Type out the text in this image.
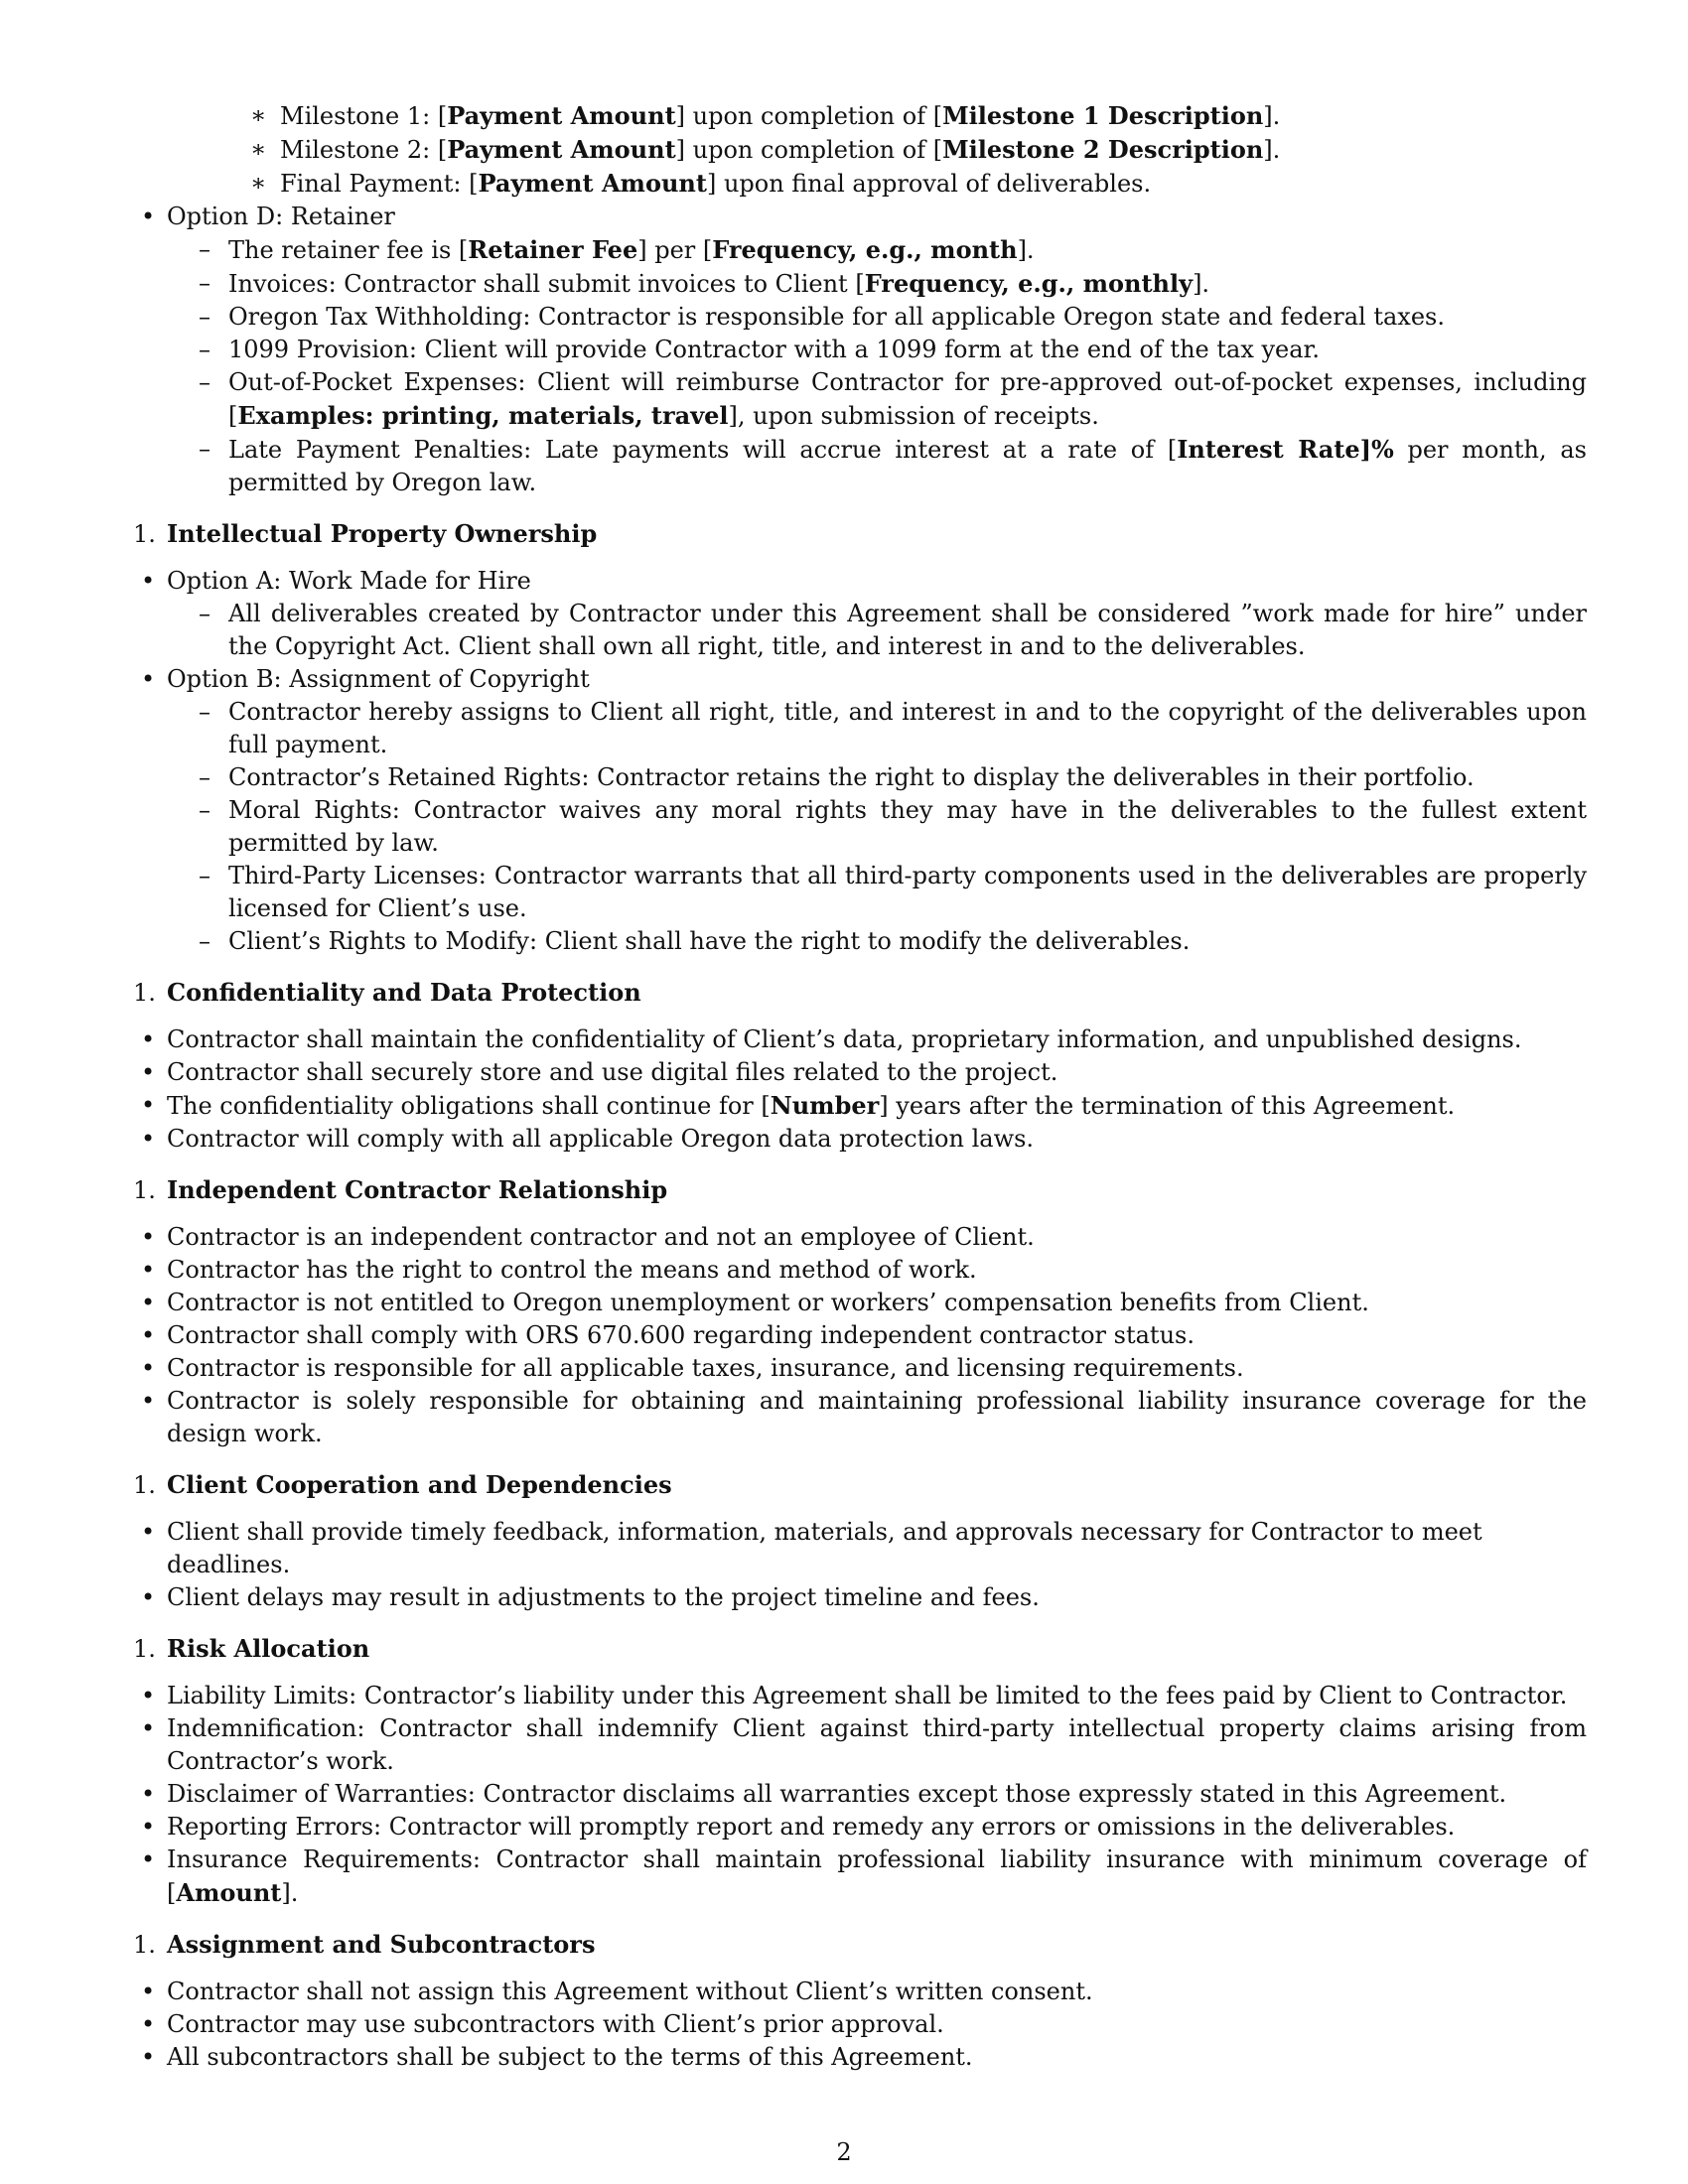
∗ Milestone 1: [Payment Amount] upon completion of [Milestone 1 Description].
∗ Milestone 2: [Payment Amount] upon completion of [Milestone 2 Description].
∗ Final Payment: [Payment Amount] upon final approval of deliverables.
• Option D: Retainer
– The retainer fee is [Retainer Fee] per [Frequency, e.g., month].
– Invoices: Contractor shall submit invoices to Client [Frequency, e.g., monthly].
– Oregon Tax Withholding: Contractor is responsible for all applicable Oregon state and federal taxes.
– 1099 Provision: Client will provide Contractor with a 1099 form at the end of the tax year.
– Out-of-Pocket Expenses: Client will reimburse Contractor for pre-approved out-of-pocket expenses, including [Examples: printing, materials, travel], upon submission of receipts.
– Late Payment Penalties: Late payments will accrue interest at a rate of [Interest Rate]% per month, as permitted by Oregon law.
1. Intellectual Property Ownership
• Option A: Work Made for Hire
– All deliverables created by Contractor under this Agreement shall be considered ”work made for hire” under the Copyright Act. Client shall own all right, title, and interest in and to the deliverables.
• Option B: Assignment of Copyright
– Contractor hereby assigns to Client all right, title, and interest in and to the copyright of the deliverables upon full payment.
– Contractor’s Retained Rights: Contractor retains the right to display the deliverables in their portfolio.
– Moral Rights: Contractor waives any moral rights they may have in the deliverables to the fullest extent permitted by law.
– Third-Party Licenses: Contractor warrants that all third-party components used in the deliverables are properly licensed for Client’s use.
– Client’s Rights to Modify: Client shall have the right to modify the deliverables.
1. Confidentiality and Data Protection
• Contractor shall maintain the confidentiality of Client’s data, proprietary information, and unpublished designs.
• Contractor shall securely store and use digital files related to the project.
• The confidentiality obligations shall continue for [Number] years after the termination of this Agreement.
• Contractor will comply with all applicable Oregon data protection laws.
1. Independent Contractor Relationship
• Contractor is an independent contractor and not an employee of Client.
• Contractor has the right to control the means and method of work.
• Contractor is not entitled to Oregon unemployment or workers’ compensation benefits from Client.
• Contractor shall comply with ORS 670.600 regarding independent contractor status.
• Contractor is responsible for all applicable taxes, insurance, and licensing requirements.
• Contractor is solely responsible for obtaining and maintaining professional liability insurance coverage for the design work.
1. Client Cooperation and Dependencies
• Client shall provide timely feedback, information, materials, and approvals necessary for Contractor to meet deadlines.
• Client delays may result in adjustments to the project timeline and fees.
1. Risk Allocation
• Liability Limits: Contractor’s liability under this Agreement shall be limited to the fees paid by Client to Contractor.
• Indemnification: Contractor shall indemnify Client against third-party intellectual property claims arising from Contractor’s work.
• Disclaimer of Warranties: Contractor disclaims all warranties except those expressly stated in this Agreement.
• Reporting Errors: Contractor will promptly report and remedy any errors or omissions in the deliverables.
• Insurance Requirements: Contractor shall maintain professional liability insurance with minimum coverage of [Amount].
1. Assignment and Subcontractors
• Contractor shall not assign this Agreement without Client’s written consent.
• Contractor may use subcontractors with Client’s prior approval.
• All subcontractors shall be subject to the terms of this Agreement.
2
